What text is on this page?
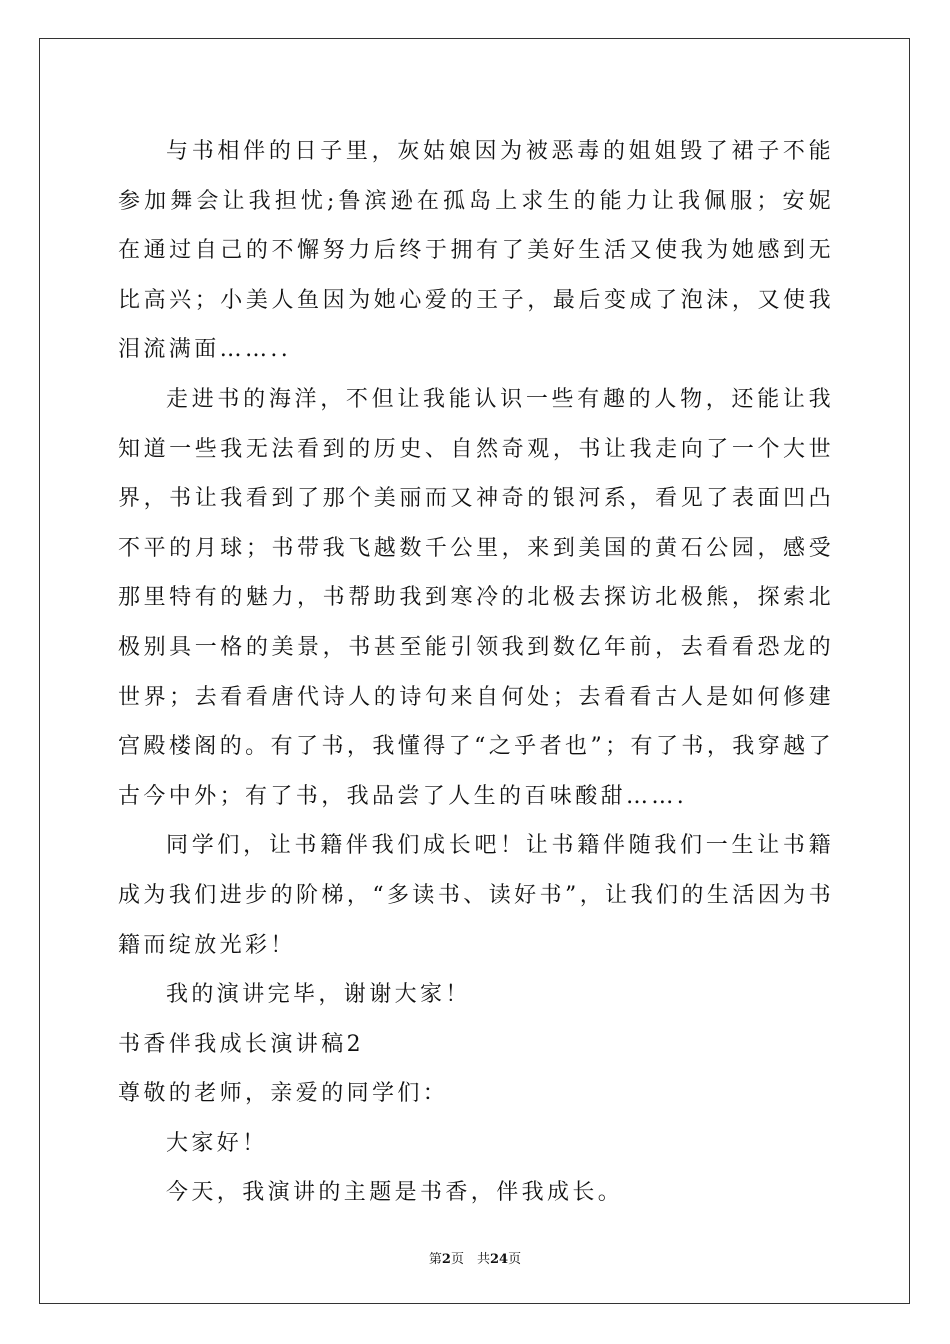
与书相伴的日子里，灰姑娘因为被恶毒的姐姐毁了裙子不能参加舞会让我担忧;鲁滨逊在孤岛上求生的能力让我佩服；安妮在通过自己的不懈努力后终于拥有了美好生活又使我为她感到无比高兴；小美人鱼因为她心爱的王子，最后变成了泡沫，又使我泪流满面……..

走进书的海洋，不但让我能认识一些有趣的人物，还能让我知道一些我无法看到的历史、自然奇观，书让我走向了一个大世界，书让我看到了那个美丽而又神奇的银河系，看见了表面凹凸不平的月球；书带我飞越数千公里，来到美国的黄石公园，感受那里特有的魅力，书帮助我到寒冷的北极去探访北极熊，探索北极别具一格的美景，书甚至能引领我到数亿年前，去看看恐龙的世界；去看看唐代诗人的诗句来自何处；去看看古人是如何修建宫殿楼阁的。有了书，我懂得了“之乎者也”；有了书，我穿越了古今中外；有了书，我品尝了人生的百味酸甜…….

同学们，让书籍伴我们成长吧！让书籍伴随我们一生让书籍成为我们进步的阶梯，“多读书、读好书”，让我们的生活因为书籍而绽放光彩！

我的演讲完毕，谢谢大家！

书香伴我成长演讲稿2

尊敬的老师，亲爱的同学们：

大家好！

今天，我演讲的主题是书香，伴我成长。

第2页　共24页
